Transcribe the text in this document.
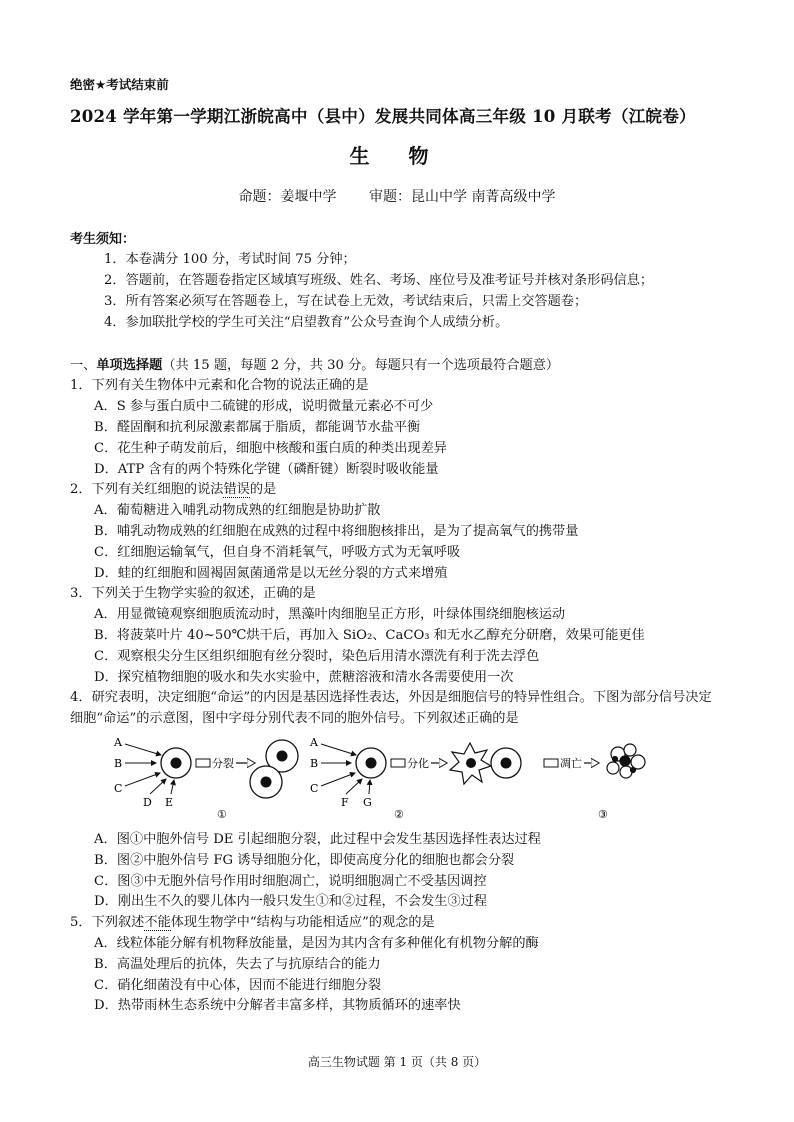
绝密★考试结束前
2024 学年第一学期江浙皖高中（县中）发展共同体高三年级 10 月联考（江皖卷）
生 物
命题：姜堰中学 审题：昆山中学 南菁高级中学
考生须知：
1．本卷满分 100 分，考试时间 75 分钟；
2．答题前，在答题卷指定区域填写班级、姓名、考场、座位号及准考证号并核对条形码信息；
3．所有答案必须写在答题卷上，写在试卷上无效，考试结束后，只需上交答题卷；
4．参加联批学校的学生可关注“启望教育”公众号查询个人成绩分析。
一、单项选择题（共 15 题，每题 2 分，共 30 分。每题只有一个选项最符合题意）
1．下列有关生物体中元素和化合物的说法正确的是
A．S 参与蛋白质中二硫键的形成，说明微量元素必不可少
B．醛固酮和抗利尿激素都属于脂质，都能调节水盐平衡
C．花生种子萌发前后，细胞中核酸和蛋白质的种类出现差异
D．ATP 含有的两个特殊化学键（磷酐键）断裂时吸收能量
2．下列有关红细胞的说法错误的是
A．葡萄糖进入哺乳动物成熟的红细胞是协助扩散
B．哺乳动物成熟的红细胞在成熟的过程中将细胞核排出，是为了提高氧气的携带量
C．红细胞运输氧气，但自身不消耗氧气，呼吸方式为无氧呼吸
D．蛙的红细胞和圆褐固氮菌通常是以无丝分裂的方式来增殖
3．下列关于生物学实验的叙述，正确的是
A．用显微镜观察细胞质流动时，黑藻叶肉细胞呈正方形，叶绿体围绕细胞核运动
B．将菠菜叶片 40~50℃烘干后，再加入 SiO₂、CaCO₃ 和无水乙醇充分研磨，效果可能更佳
C．观察根尖分生区组织细胞有丝分裂时，染色后用清水漂洗有利于洗去浮色
D．探究植物细胞的吸水和失水实验中，蔗糖溶液和清水各需要使用一次
4．研究表明，决定细胞“命运”的内因是基因选择性表达，外因是细胞信号的特异性组合。下图为部分信号决定细胞“命运”的示意图，图中字母分别代表不同的胞外信号。下列叙述正确的是
A
B
C
D E
分裂
①
A
B
C
F G
分化
②
凋亡
③
A．图①中胞外信号 DE 引起细胞分裂，此过程中会发生基因选择性表达过程
B．图②中胞外信号 FG 诱导细胞分化，即使高度分化的细胞也都会分裂
C．图③中无胞外信号作用时细胞凋亡，说明细胞凋亡不受基因调控
D．刚出生不久的婴儿体内一般只发生①和②过程，不会发生③过程
5．下列叙述不能体现生物学中“结构与功能相适应”的观念的是
A．线粒体能分解有机物释放能量，是因为其内含有多种催化有机物分解的酶
B．高温处理后的抗体，失去了与抗原结合的能力
C．硝化细菌没有中心体，因而不能进行细胞分裂
D．热带雨林生态系统中分解者丰富多样，其物质循环的速率快
高三生物试题 第 1 页（共 8 页）
